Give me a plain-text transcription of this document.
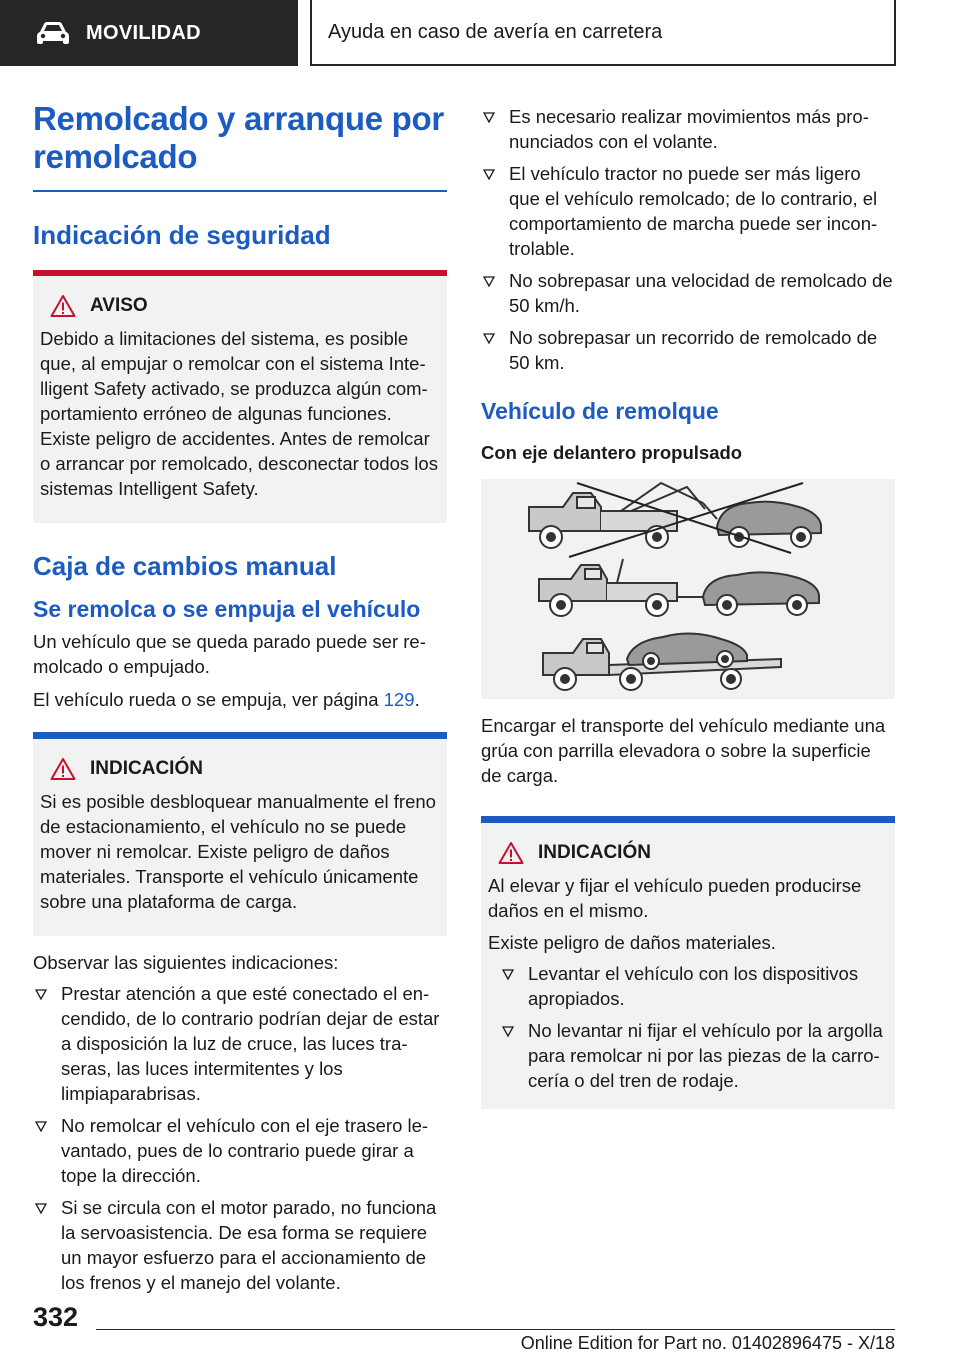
MOVILIDAD	Ayuda en caso de avería en carretera
Remolcado y arranque por remolcado
Indicación de seguridad
AVISO

Debido a limitaciones del sistema, es posible que, al empujar o remolcar con el sistema Intelligent Safety activado, se produzca algún comportamiento erróneo de algunas funciones. Existe peligro de accidentes. Antes de remolcar o arrancar por remolcado, desconectar todos los sistemas Intelligent Safety.

Caja de cambios manual
Se remolca o se empuja el vehículo

Un vehículo que se queda parado puede ser remolcado o empujado.

El vehículo rueda o se empuja, ver página 129.

INDICACIÓN

Si es posible desbloquear manualmente el freno de estacionamiento, el vehículo no se puede mover ni remolcar. Existe peligro de daños materiales. Transporte el vehículo únicamente sobre una plataforma de carga.

Observar las siguientes indicaciones:

Prestar atención a que esté conectado el encendido, de lo contrario podrían dejar de estar a disposición la luz de cruce, las luces traseras, las luces intermitentes y los limpiaparabrisas.
No remolcar el vehículo con el eje trasero levantado, pues de lo contrario puede girar a tope la dirección.
Si se circula con el motor parado, no funciona la servoasistencia. De esa forma se requiere un mayor esfuerzo para el accionamiento de los frenos y el manejo del volante.
Es necesario realizar movimientos más pronunciados con el volante.
El vehículo tractor no puede ser más ligero que el vehículo remolcado; de lo contrario, el comportamiento de marcha puede ser incontrolable.
No sobrepasar una velocidad de remolcado de 50 km/h.
No sobrepasar un recorrido de remolcado de 50 km.
Vehículo de remolque
Con eje delantero propulsado

Encargar el transporte del vehículo mediante una grúa con parrilla elevadora o sobre la superficie de carga.

INDICACIÓN

Al elevar y fijar el vehículo pueden producirse daños en el mismo.

Existe peligro de daños materiales.

Levantar el vehículo con los dispositivos apropiados.
No levantar ni fijar el vehículo por la argolla para remolcar ni por las piezas de la carrocería o del tren de rodaje.
332
Online Edition for Part no. 01402896475 - X/18
